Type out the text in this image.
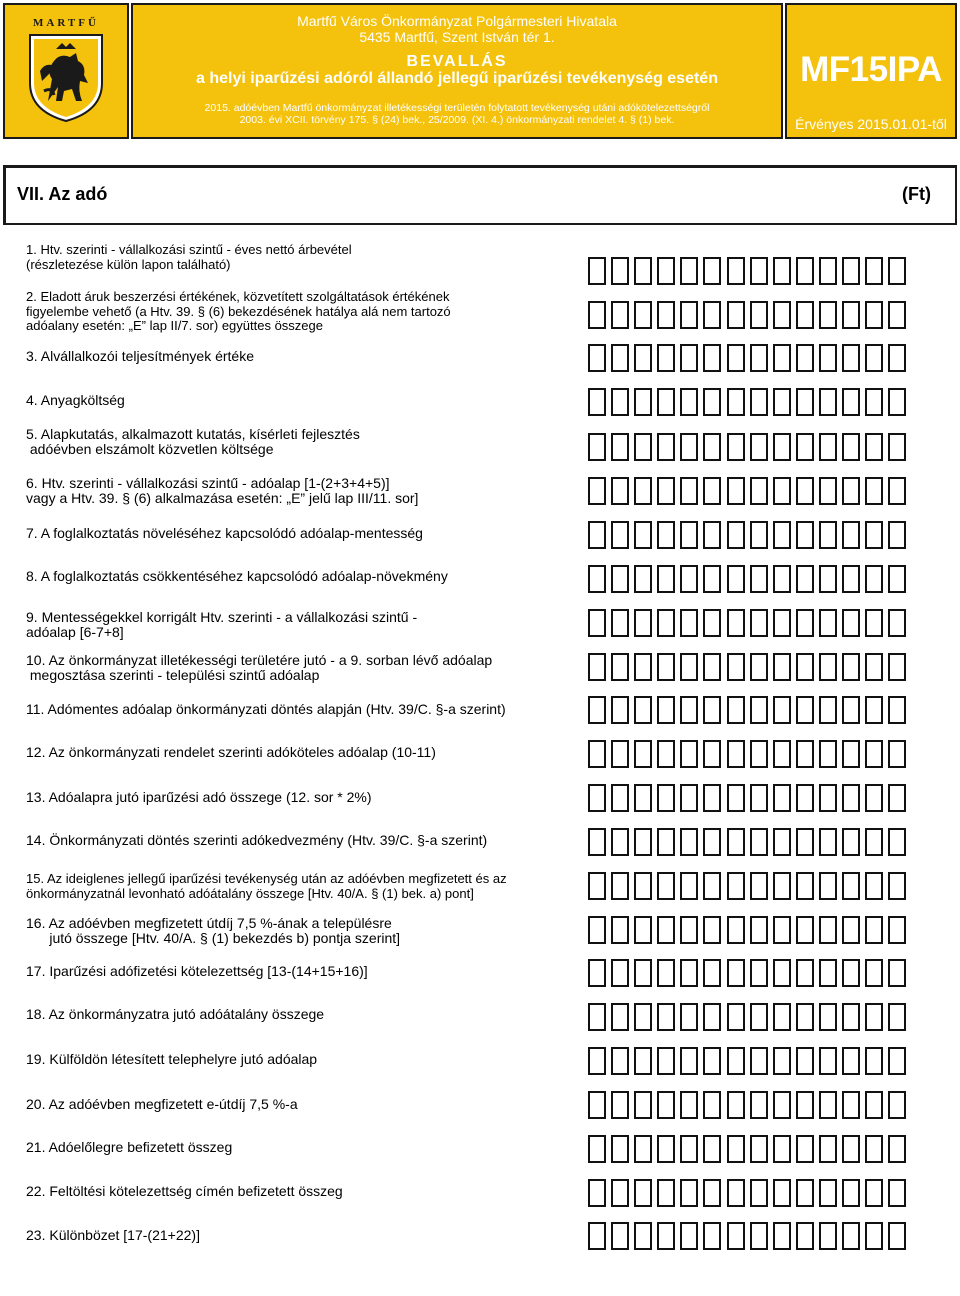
MARTFŰ	Martfű Város Önkormányzat Polgármesteri Hivatala
5435 Martfű, Szent István tér 1.
BEVALLÁS
a helyi iparűzési adóról állandó jellegű iparűzési tevékenység esetén
2015. adóévben Martfű önkormányzat illetékességi területén folytatott tevékenység utáni adókötelezettségről
2003. évi XCII. törvény 175. § (24) bek., 25/2009. (XI. 4.) önkormányzati rendelet 4. § (1) bek.
MF15IPA
Érvényes 2015.01.01-től
VII. Az adó	(Ft)
1. Htv. szerinti - vállalkozási szintű - éves nettó árbevétel
(részletezése külön lapon található)
2. Eladott áruk beszerzési értékének, közvetített szolgáltatások értékének
figyelembe vehető (a Htv. 39. § (6) bekezdésének hatálya alá nem tartozó
adóalany esetén: „E” lap II/7. sor) együttes összege
3. Alvállalkozói teljesítmények értéke
4. Anyagköltség
5. Alapkutatás, alkalmazott kutatás, kísérleti fejlesztés
adóévben elszámolt közvetlen költsége
6. Htv. szerinti - vállalkozási szintű - adóalap [1-(2+3+4+5)]
vagy a Htv. 39. § (6) alkalmazása esetén: „E” jelű lap III/11. sor]
7. A foglalkoztatás növeléséhez kapcsolódó adóalap-mentesség
8. A foglalkoztatás csökkentéséhez kapcsolódó adóalap-növekmény
9. Mentességekkel korrigált Htv. szerinti - a vállalkozási szintű -
adóalap [6-7+8]
10. Az önkormányzat illetékességi területére jutó - a 9. sorban lévő adóalap
megosztása szerinti - települési szintű adóalap
11. Adómentes adóalap önkormányzati döntés alapján (Htv. 39/C. §-a szerint)
12. Az önkormányzati rendelet szerinti adóköteles adóalap (10-11)
13. Adóalapra jutó iparűzési adó összege (12. sor * 2%)
14. Önkormányzati döntés szerinti adókedvezmény (Htv. 39/C. §-a szerint)
15. Az ideiglenes jellegű iparűzési tevékenység után az adóévben megfizetett és az
önkormányzatnál levonható adóátalány összege [Htv. 40/A. § (1) bek. a) pont]
16. Az adóévben megfizetett útdíj 7,5 %-ának a településre
jutó összege [Htv. 40/A. § (1) bekezdés b) pontja szerint]
17. Iparűzési adófizetési kötelezettség [13-(14+15+16)]
18. Az önkormányzatra jutó adóátalány összege
19. Külföldön létesített telephelyre jutó adóalap
20. Az adóévben megfizetett e-útdíj 7,5 %-a
21. Adóelőlegre befizetett összeg
22. Feltöltési kötelezettség címén befizetett összeg
23. Különbözet [17-(21+22)]
